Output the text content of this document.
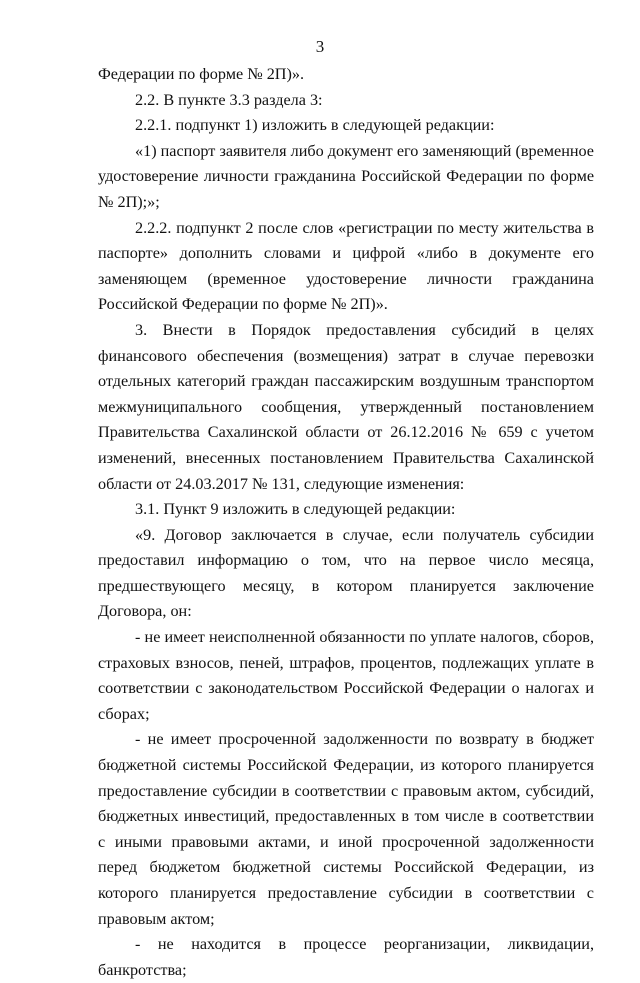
3

Федерации по форме № 2П)».

2.2. В пункте 3.3 раздела 3:

2.2.1. подпункт 1) изложить в следующей редакции:

«1) паспорт заявителя либо документ его заменяющий (временное удостоверение личности гражданина Российской Федерации по форме № 2П);»;

2.2.2. подпункт 2 после слов «регистрации по месту жительства в паспорте» дополнить словами и цифрой «либо в документе его заменяющем (временное удостоверение личности гражданина Российской Федерации по форме № 2П)».

3. Внести в Порядок предоставления субсидий в целях финансового обеспечения (возмещения) затрат в случае перевозки отдельных категорий граждан пассажирским воздушным транспортом межмуниципального сообщения, утвержденный постановлением Правительства Сахалинской области от 26.12.2016 № 659 с учетом изменений, внесенных постановлением Правительства Сахалинской области от 24.03.2017 № 131, следующие изменения:

3.1. Пункт 9 изложить в следующей редакции:

«9. Договор заключается в случае, если получатель субсидии предоставил информацию о том, что на первое число месяца, предшествующего месяцу, в котором планируется заключение Договора, он:

- не имеет неисполненной обязанности по уплате налогов, сборов, страховых взносов, пеней, штрафов, процентов, подлежащих уплате в соответствии с законодательством Российской Федерации о налогах и сборах;

- не имеет просроченной задолженности по возврату в бюджет бюджетной системы Российской Федерации, из которого планируется предоставление субсидии в соответствии с правовым актом, субсидий, бюджетных инвестиций, предоставленных в том числе в соответствии с иными правовыми актами, и иной просроченной задолженности перед бюджетом бюджетной системы Российской Федерации, из которого планируется предоставление субсидии в соответствии с правовым актом;

- не находится в процессе реорганизации, ликвидации, банкротства;
